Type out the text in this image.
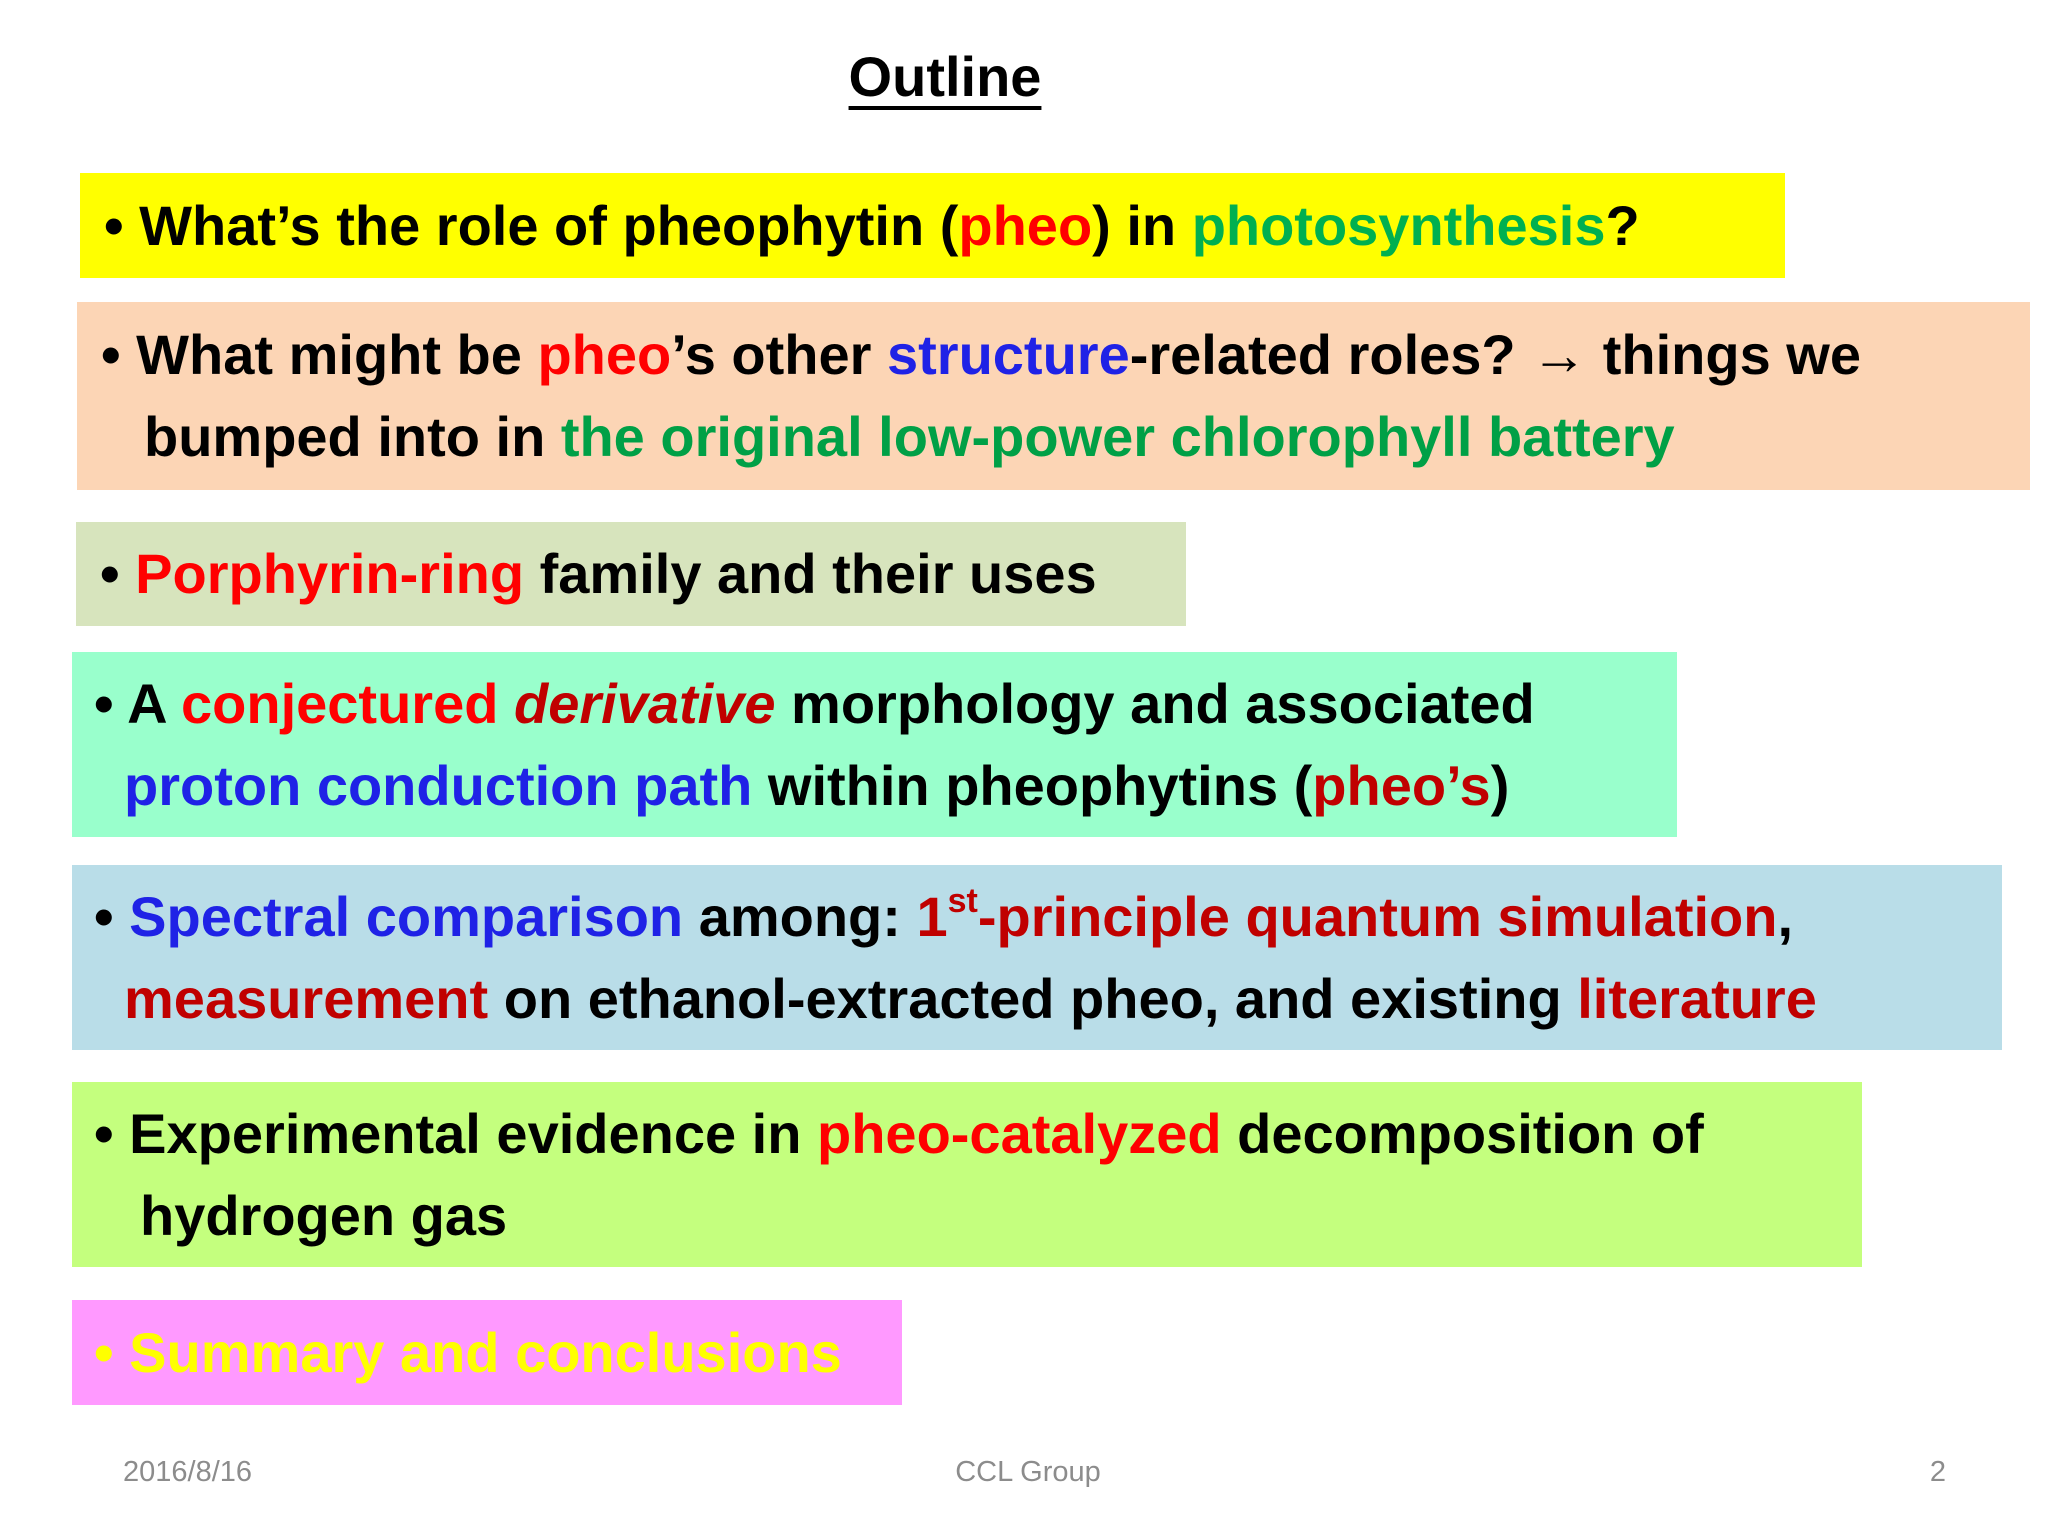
Outline
• What’s the role of pheophytin (pheo) in photosynthesis?
• What might be pheo’s other structure-related roles? → things we
bumped into in the original low-power chlorophyll battery
• Porphyrin-ring family and their uses
• A conjectured derivative morphology and associated
proton conduction path within pheophytins (pheo’s)
• Spectral comparison among: 1st-principle quantum simulation,
measurement on ethanol-extracted pheo, and existing literature
• Experimental evidence in pheo-catalyzed decomposition of
hydrogen gas
• Summary and conclusions
2016/8/16	CCL Group	2
